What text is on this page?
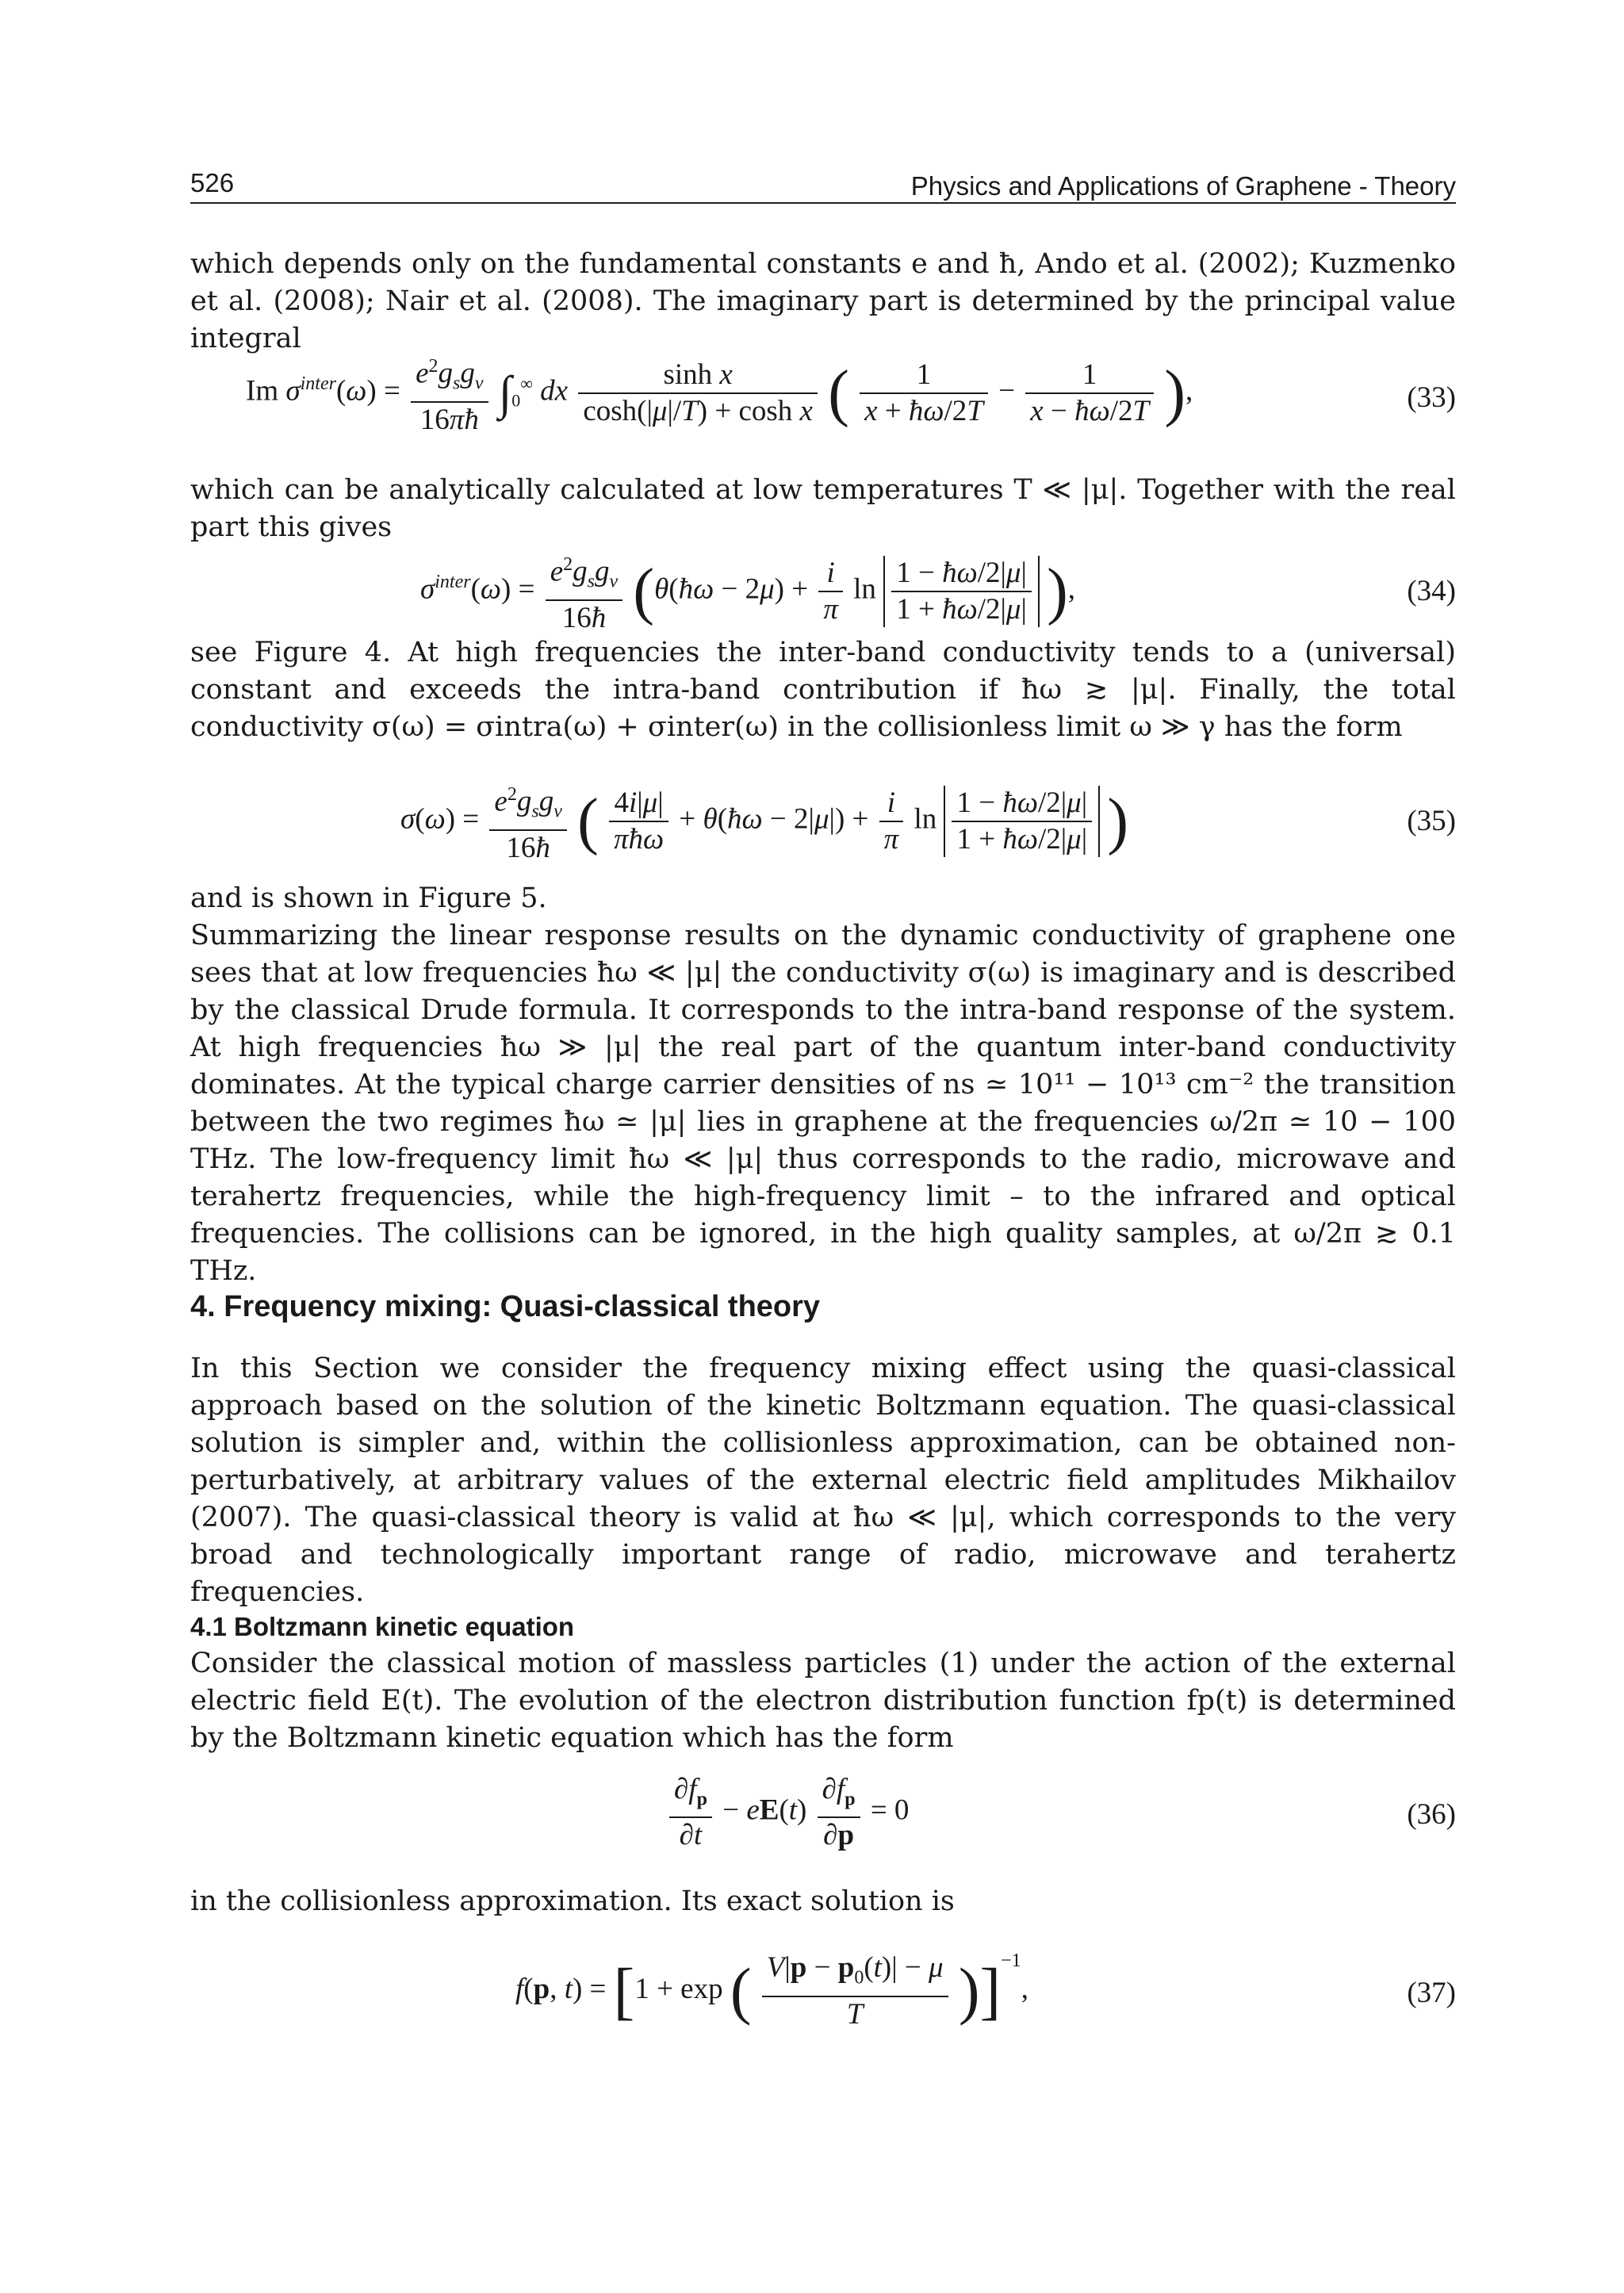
526	Physics and Applications of Graphene - Theory

which depends only on the fundamental constants e and ħ, Ando et al. (2002); Kuzmenko et al. (2008); Nair et al. (2008). The imaginary part is determined by the principal value integral

Im $\sigma^{inter}(\omega) = \frac{e^2g_sg_v}{16\pi ħ} \int_0^\infty$ dx $\frac{\text{sinh x}}{\text{cosh(|μ|/T) + cosh x}}$ ( $\frac{1}{x + ħ\omega/2T} - \frac{1}{x - ħ\omega/2T}$ ),	(33)

which can be analytically calculated at low temperatures T ≪ |μ|. Together with the real part this gives

$\sigma^{inter}(\omega) = \frac{e^2g_sg_v}{16ħ}$ (θ(ħω − $2\mu) + \frac{i}{\pi}$ $\ln \frac{1 - ħ\omega/2|\mu|}{1 + ħ\omega/2|\mu|}$ ),	(34)

see Figure 4. At high frequencies the inter-band conductivity tends to a (universal) constant and exceeds the intra-band contribution if ħω ≳ |μ|. Finally, the total conductivity σ(ω) = σintra(ω) + σinter(ω) in the collisionless limit ω ≫ γ has the form

$\sigma(\omega) = \frac{e^2g_sg_v}{16ħ}$ ( $\frac{4i|\mu|}{\text{πħω}}$ + θ(ħω − $2|\mu|) + \frac{i}{\pi}$ $\ln \frac{1 - ħ\omega/2|\mu|}{1 + ħ\omega/2|\mu|}$ )	(35)

and is shown in Figure 5.

Summarizing the linear response results on the dynamic conductivity of graphene one sees that at low frequencies ħω ≪ |μ| the conductivity σ(ω) is imaginary and is described by the classical Drude formula. It corresponds to the intra-band response of the system. At high frequencies ħω ≫ |μ| the real part of the quantum inter-band conductivity dominates. At the typical charge carrier densities of ns ≃ 10¹¹ − 10¹³ cm⁻² the transition between the two regimes ħω ≃ |μ| lies in graphene at the frequencies ω/2π ≃ 10 − 100 THz. The low-frequency limit ħω ≪ |μ| thus corresponds to the radio, microwave and terahertz frequencies, while the high-frequency limit – to the infrared and optical frequencies. The collisions can be ignored, in the high quality samples, at ω/2π ≳ 0.1 THz.

4. Frequency mixing: Quasi-classical theory

In this Section we consider the frequency mixing effect using the quasi-classical approach based on the solution of the kinetic Boltzmann equation. The quasi-classical solution is simpler and, within the collisionless approximation, can be obtained non-perturbatively, at arbitrary values of the external electric field amplitudes Mikhailov (2007). The quasi-classical theory is valid at ħω ≪ |μ|, which corresponds to the very broad and technologically important range of radio, microwave and terahertz frequencies.

4.1 Boltzmann kinetic equation

Consider the classical motion of massless particles (1) under the action of the external electric field E(t). The evolution of the electron distribution function fp(t) is determined by the Boltzmann kinetic equation which has the form

$\frac{\partial f_p}{\partial t} - eE(t) \frac{\partial f_p}{\partial p} = 0$	(36)

in the collisionless approximation. Its exact solution is

f(p, t) = [1 + exp ( $\frac{V|p - p_0(t)| - \mu}{T} )]^{-1}$,	(37)
